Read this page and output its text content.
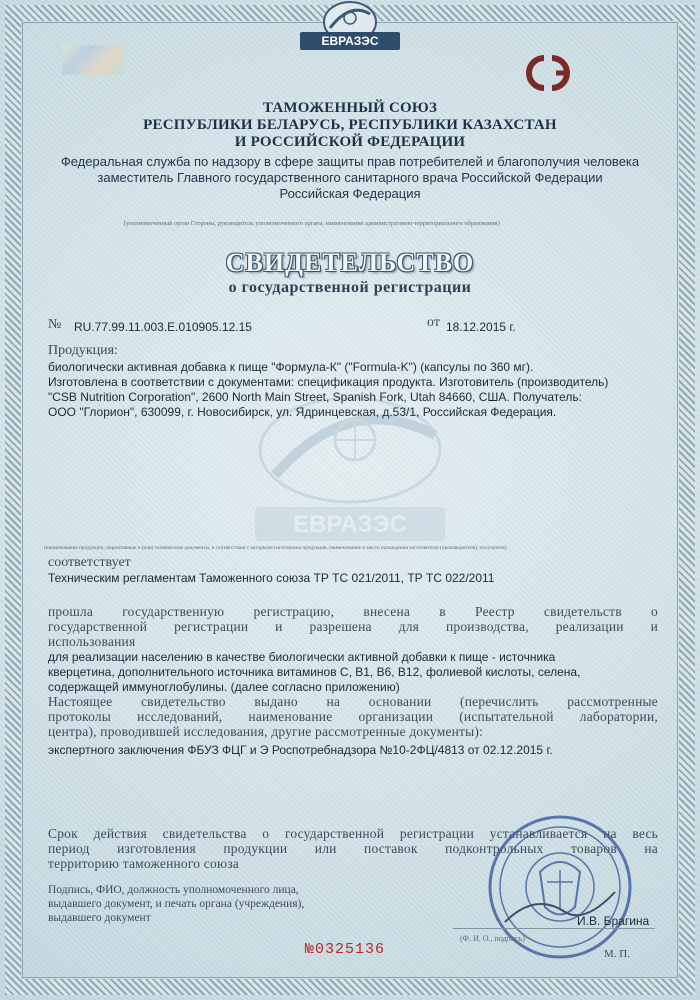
ЕВРАЗЭС
ТАМОЖЕННЫЙ СОЮЗ
РЕСПУБЛИКИ БЕЛАРУСЬ, РЕСПУБЛИКИ КАЗАХСТАН
И РОССИЙСКОЙ ФЕДЕРАЦИИ
Федеральная служба по надзору в сфере защиты прав потребителей и благополучия человека
заместитель Главного государственного санитарного врача Российской Федерации
Российская Федерация
(уполномоченный орган Стороны, руководитель уполномоченного органа, наименование административно-территориального образования)
СВИДЕТЕЛЬСТВО
о государственной регистрации
№ RU.77.99.11.003.Е.010905.12.15	от 18.12.2015 г.
ЕВРАЗЭС
Продукция:
биологически активная добавка к пище "Формула-К" ("Formula-K") (капсулы по 360 мг).
Изготовлена в соответствии с документами: спецификация продукта. Изготовитель (производитель)
"CSB Nutrition Corporation", 2600 North Main Street, Spanish Fork, Utah 84660, США. Получатель:
ООО "Глорион", 630099, г. Новосибирск, ул. Ядринцевская, д.53/1, Российская Федерация.
(наименование продукции, нормативные и (или) технические документы, в соответствии с которыми изготовлена продукция, наименование и место нахождения изготовителя (производителя), получателя)
соответствует
Техническим регламентам Таможенного союза ТР ТС 021/2011, ТР ТС 022/2011
прошла государственную регистрацию, внесена в Реестр свидетельств о
государственной регистрации и разрешена для производства, реализации и
использования
для реализации населению в качестве биологически активной добавки к пище - источника
кверцетина, дополнительного источника витаминов С, В1, В6, В12, фолиевой кислоты, селена,
содержащей иммуноглобулины. (далее согласно приложению)
Настоящее свидетельство выдано на основании (перечислить рассмотренные
протоколы исследований, наименование организации (испытательной лаборатории,
центра), проводившей исследования, другие рассмотренные документы):
экспертного заключения ФБУЗ ФЦГ и Э Роспотребнадзора №10-2ФЦ/4813 от 02.12.2015 г.
Срок действия свидетельства о государственной регистрации устанавливается на весь
период изготовления продукции или поставок подконтрольных товаров на
территорию таможенного союза
Подпись, ФИО, должность уполномоченного лица,
выдавшего документ, и печать органа (учреждения),
выдавшего документ	И.В. Брагина
(Ф. И. О., подпись)
М. П.
№0325136
